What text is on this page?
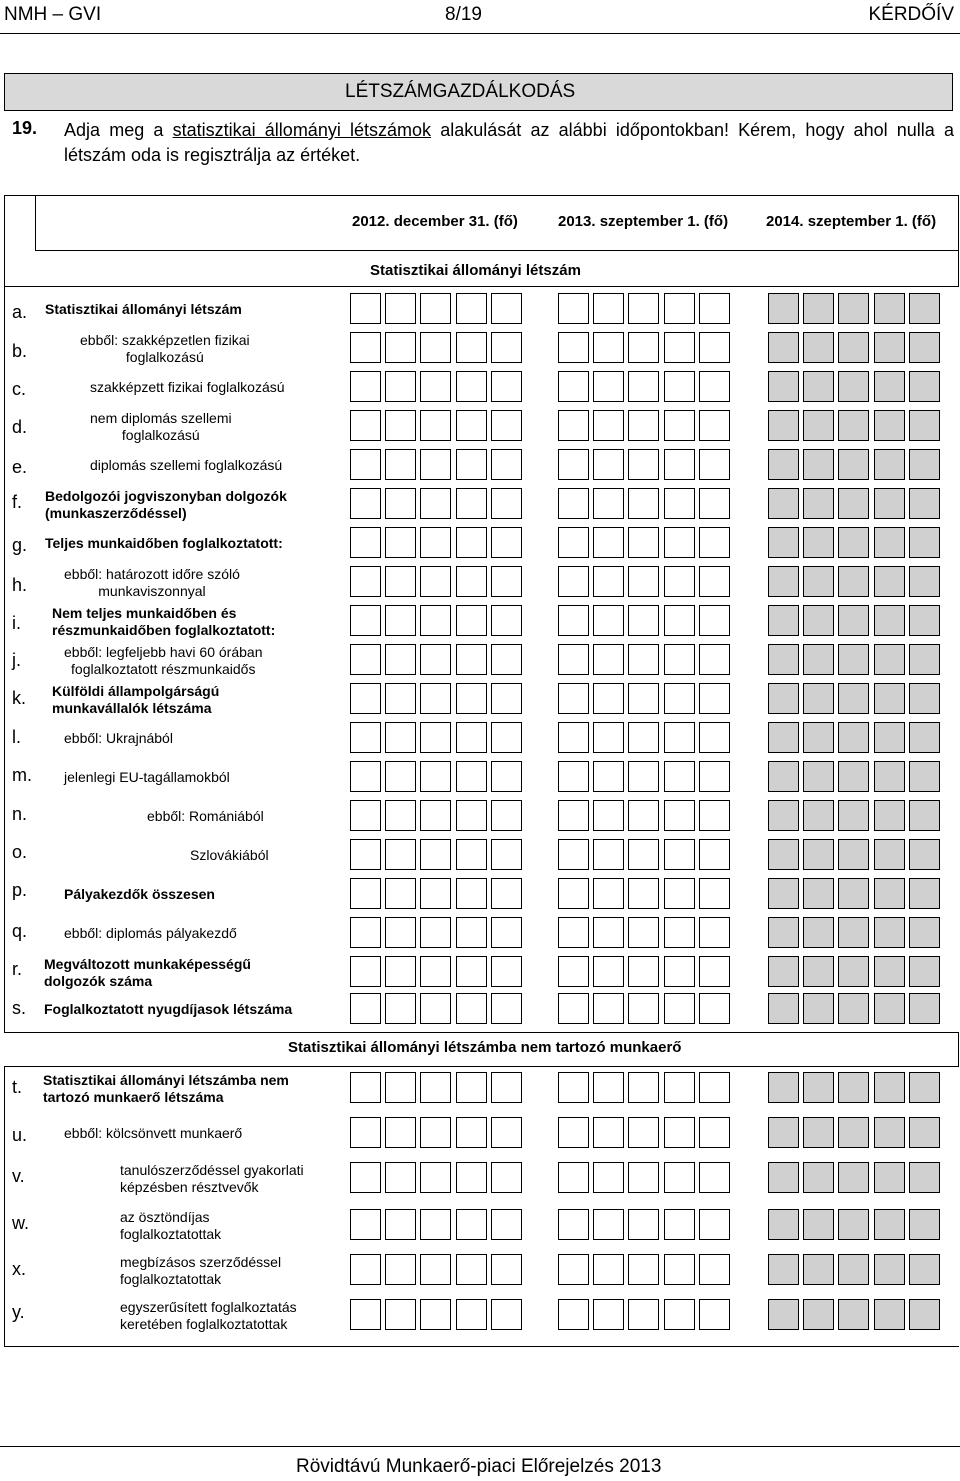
NMH – GVI	8/19	KÉRDŐÍV
LÉTSZÁMGAZDÁLKODÁS
19. Adja meg a statisztikai állományi létszámok alakulását az alábbi időpontokban! Kérem, hogy ahol nulla a létszám oda is regisztrálja az értéket.
2012. december 31. (fő)	2013. szeptember 1. (fő)	2014. szeptember 1. (fő)
Statisztikai állományi létszám
Statisztikai állományi létszámba nem tartozó munkaerő
a. Statisztikai állományi létszám
b.
ebből: szakképzetlen fizikai
foglalkozású
c.	szakképzett fizikai foglalkozású
d.	nem diplomás szellemi
foglalkozású
e.	diplomás szellemi foglalkozású
f. Bedolgozói jogviszonyban dolgozók
(munkaszerződéssel)
g. Teljes munkaidőben foglalkoztatott:
h.
ebből: határozott időre szóló
munkaviszonnyal
i. Nem teljes munkaidőben és
részmunkaidőben foglalkoztatott:
j.	ebből: legfeljebb havi 60 órában
foglalkoztatott részmunkaidős
k. Külföldi állampolgárságú
munkavállalók létszáma
l.	ebből: Ukrajnából
m. jelenlegi EU-tagállamokból
n.	ebből: Romániából
o.	Szlovákiából
p.	Pályakezdők összesen
q.	ebből: diplomás pályakezdő
r. Megváltozott munkaképességű
dolgozók száma
s. Foglalkoztatott nyugdíjasok létszáma
t. Statisztikai állományi létszámba nem
tartozó munkaerő létszáma
u.	ebből: kölcsönvett munkaerő
v.	tanulószerződéssel gyakorlati
képzésben résztvevők
w.	az ösztöndíjas
foglalkoztatottak
x.	megbízásos szerződéssel
foglalkoztatottak
y.	egyszerűsített foglalkoztatás
keretében foglalkoztatottak
Rövidtávú Munkaerő-piaci Előrejelzés 2013
